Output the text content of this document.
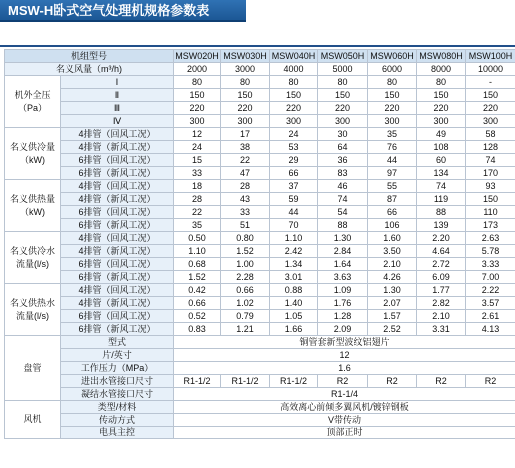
MSW-H卧式空气处理机规格参数表
机组型号		MSW020H	MSW030H	MSW040H	MSW050H	MSW060H	MSW080H	MSW100H
名义风量（m³/h)		2000	3000	4000	5000	6000	8000	10000
机外全压 （Pa）	Ⅰ	80	80	80	80	80	80	-
	Ⅱ	150	150	150	150	150	150	150
	Ⅲ	220	220	220	220	220	220	220
	Ⅳ	300	300	300	300	300	300	300
名义供冷量 （kW)	4排管（回风工况）	12	17	24	30	35	49	58
	4排管（新风工况）	24	38	53	64	76	108	128
	6排管（回风工况）	15	22	29	36	44	60	74
	6排管（新风工况）	33	47	66	83	97	134	170
名义供热量 （kW)	4排管（回风工况）	18	28	37	46	55	74	93
	4排管（新风工况）	28	43	59	74	87	119	150
	6排管（回风工况）	22	33	44	54	66	88	110
	6排管（新风工况）	35	51	70	88	106	139	173
名义供冷水 流量(l/s)	4排管（回风工况）	0.50	0.80	1.10	1.30	1.60	2.20	2.63
	4排管（新风工况）	1.10	1.52	2.42	2.84	3.50	4.64	5.78
	6排管（回风工况）	0.68	1.00	1.34	1.64	2.10	2.72	3.33
	6排管（新风工况）	1.52	2.28	3.01	3.63	4.26	6.09	7.00
名义供热水 流量(l/s)	4排管（回风工况）	0.42	0.66	0.88	1.09	1.30	1.77	2.22
	4排管（新风工况）	0.66	1.02	1.40	1.76	2.07	2.82	3.57
	6排管（回风工况）	0.52	0.79	1.05	1.28	1.57	2.10	2.61
	6排管（新风工况）	0.83	1.21	1.66	2.09	2.52	3.31	4.13
盘管	型式	铜管套新型波纹铝翅片						
	片/英寸	12						
	工作压力（MPa）	1.6						
	进出水管接口尺寸	R1-1/2	R1-1/2	R1-1/2	R2	R2	R2	R2
	凝结水管接口尺寸	R1-1/4						
风机	类型/材料	高效离心前倾多翼风机/镀锌钢板						
	传动方式	V带传动						
	电具主控	顶部正时						
